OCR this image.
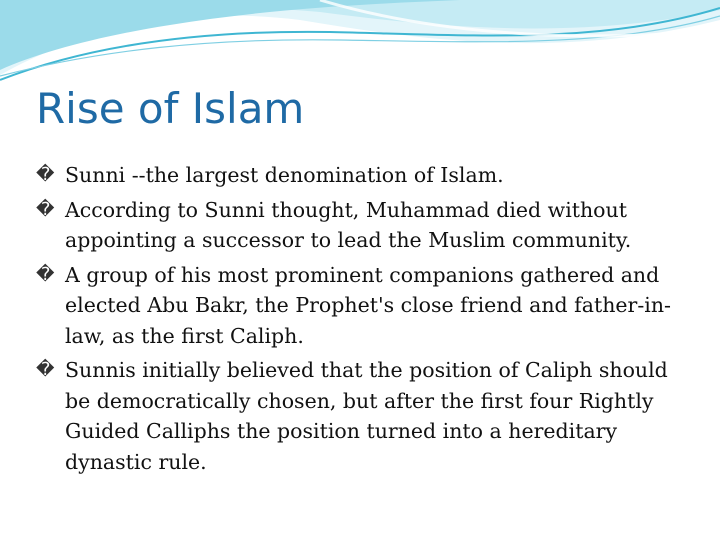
Rise of Islam
� Sunni --the largest denomination of Islam.
� According to Sunni thought, Muhammad died without appointing a successor to lead the Muslim community.
� A group of his most prominent companions gathered and elected Abu Bakr, the Prophet's close friend and father-in-law, as the first Caliph.
� Sunnis initially believed that the position of Caliph should be democratically chosen, but after the first four Rightly Guided Calliphs the position turned into a hereditary dynastic rule.
